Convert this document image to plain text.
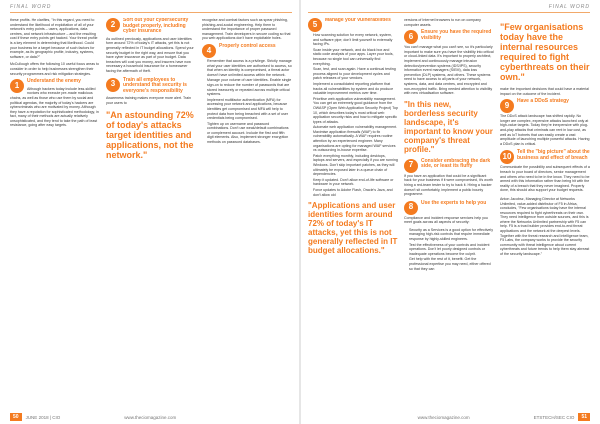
FINAL WORD

these profits. He clarifies, "In this regard, you need to understand the likelihood of exploitation of all of your network's entry points – users, applications, data centres, and network infrastructure – and the resulting cost if these entry points get hacked. Your threat profile is a key element in determining that likelihood. Could your business be a target because of such factors for example, as its geographic profile, industry, systems, software, or data?"

McCullough offers the following 10 useful focus areas to consider in order to help businesses strengthen their security programmes and risk mitigation strategies.

1	Understand the enemy

Although hackers today include less-skilled novices who execute pre-made malicious chains, as well as those who use them by social and political agendas, the majority of today's hackers are cybercriminals who are motivated by money. Although they have a reputation for sophisticated methodology, in fact, many of their methods are actually relatively unsophisticated, and they tend to take the path of least resistance, going after easy targets.

2	Sort out your cybersecurity budget properly, including cyber insurance

As outlined previously, applications and user identities form around 72% of today's IT attacks, yet this is not generally reflected in IT budget allocations. Spend your security budget in the right way, and ensure that you have cyber insurance as part of your budget. Data breaches will cost you money, and insurers have now necessary a household insurance for a homeowner facing the aftermath of theft.

3	Train all employees to understand that security is everyone's responsibility

Awareness training makes everyone more alert. Train your users to

"An astounding 72% of today's attacks target identities and applications, not the network."

recognise and combat factors such as spear phishing, phishing-and-social engineering. Help them to understand the importance of proper password management. Train developers in secure coding so that you web applications don't have exploitable holes.

4	Properly control access
• Remember that access is a privilege. Strictly manage what your user identities are authorised to access, so that when an identity is compromised, a threat actor doesn't have unlimited access within the network.
• Manage your volume of user identities. Enable single sign-on to reduce the number of passwords that are stored insecurely or repeated across multiple critical systems.
• Implement multifactor authentication (MFA) for accessing your network and applications, because identities get compromised and MFA will help to protect data from being breached with a set of user credentials being compromised.
• Tighten up on username and password combinations. Don't use weak/default combinations or complement account. Include the first and fifth digit elements. Also, implement stronger encryption methods on password databases.
50	JUNE 2018 | CIO	www.theciomagazine.com
FINAL WORD
5	Manage your vulnerabilities
• How scanning solution for every network, system, and software pipe; don't limit yourself to externally facing IPs.
• Scan inside your network, and do black box and static code analysis of your apps. Layer your tools, because no single tool can universally find everything.
• Scan, test, and scan again. Have a continual testing process aligned to your development cycles and patch releases of your vendors.
• Implement a consolidated reporting platform that tracks all vulnerabilities by system and do produce valuable improvement metrics over time.
• Prioritise web application vulnerability management. You can get an extremely good guidance from the OWASP (Open Web Application Security Project) Top 10, which describes today's most critical web application security risks and how to mitigate specific types of attacks.
• Automate web application vulnerability management. Maximise application firewalls (WAF) to fix vulnerability automatically. A WAF requires routine attention by an experienced engineer. Many organisations are opting for managed WAF services vs outsourcing in-house expertise.
• Patch everything monthly, including desktops, laptops and servers, and especially if you are running Windows. Don't skip important patches, as they will ultimately be exposed later in a queue chain of dependencies.
• Keep it updated. Don't allow end-of-life software or hardware in your network.
• Force updates to Adobe Flash, Oracle's Java, and don't allow old
"Applications and user identities form around 72% of today's IT attacks, yet this is not generally reflected in IT budget allocations."

versions of Internet browsers to run on company computer assets.

6	Ensure you have the required visibility

You can't manage what you can't see, so it's particularly important to make sure you have the visibility into critical or cloud-linked data. It's important to properly architect, implement and continuously manage intrusion detection/prevention systems (IDS/IPS), security information event managers (SIEM), data loss prevention (DLP) systems, and others. These systems need to have access to all parts of your network, systems, data, and data centres, and encrypted and non-encrypted traffic. Bring needed attention to visibility with new virtualisation software.

"In this new, borderless security landscape, it's important to know your company's threat profile."
7	Consider embracing the dark side, or least its fluffy

If you have an application that could be a significant hack for your business if it were compromised, it's worth hiring a red-team tester to try to hack it. Hiring a hacker doesn't sit comfortably, implement a public bounty programme.

8	Use the experts to help you

Compliance and incident response services help you meet goals across all aspects of security:

• Security as a Services is a good option for effectively managing high-risk controls that require immediate response by highly-skilled engineers.
• Test the effectiveness of your controls and incident operations. Don't let poorly designed controls or inadequate operations become the culprit.
• Get help with the rest of it, benefit. Get the professional expertise you may need, either offered so that they can
"Few organisations today have the internal resources required to fight cyberthreats on their own."

make the important decisions that could have a material impact on the outcome of the incident.

9	Have a DDoS strategy

The DDoS attack landscape has shifted rapidly. No longer are complex, expensive attacks launched only at high-value targets. Today they're inexpensive with plug-and-play attacks that criminals can rent in low cost, as well as IoT botnets that can easily create a vast amplitude of launching multiple powerful attacks. Having a DDoS plan is critical.

10	Tell the "big picture" about the business and effect of breach

Communicate the possibility and subsequent effects of a breach to your board of directors, senior management and others who need to be in the know. They need to be armed with this information rather than being hit with the reality of a breach that they never imagined. Properly done, this should also support your budget requests.

Anton Jacobsz, Managing Director at Networks Unlimited, value-added distributor of F5 in Africa, concludes, "Few organisations today have the internal resources required to fight cyberthreats on their own. They need intelligence from outside sources, and this is where the Networks Unlimited partnership with F5 can help. F5 is a trust builder provides end-to-end threat applications and the network at the deepest levels. Together with the threat research and intelligence team, F5 Labs, the company works to provide the security community with threat intelligence about current cyberthreats and future trends to help them stay abreast of the security landscape."

www.theciomagazine.com	ETSTECH/SEC CIO	51
